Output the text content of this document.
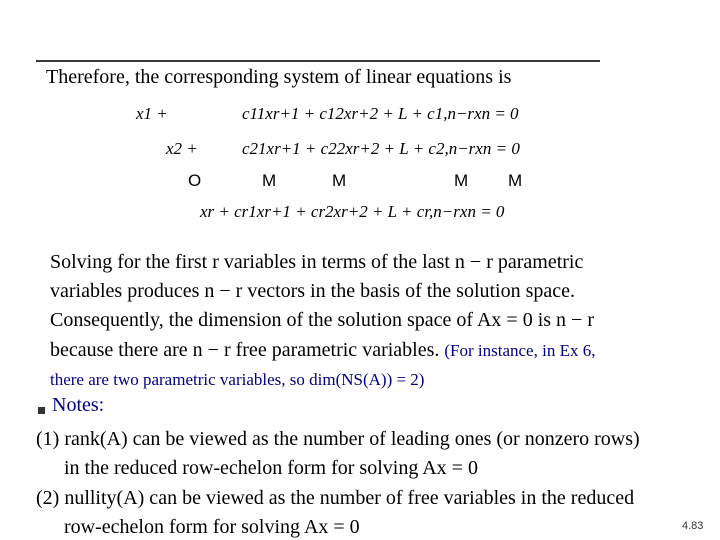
Therefore, the corresponding system of linear equations is
x1 +	c11xr+1 + c12xr+2 + L + c1,n−rxn = 0
x2 +	c21xr+1 + c22xr+2 + L + c2,n−rxn = 0
O	M	M	M M
xr + cr1xr+1 + cr2xr+2 + L + cr,n−rxn = 0
Solving for the first r variables in terms of the last n − r parametric
variables produces n − r vectors in the basis of the solution space.
Consequently, the dimension of the solution space of Ax = 0 is n − r
because there are n − r free parametric variables. (For instance, in Ex 6,
there are two parametric variables, so dim(NS(A)) = 2)
Notes:
(1) rank(A) can be viewed as the number of leading ones (or nonzero rows)
in the reduced row-echelon form for solving Ax = 0
(2) nullity(A) can be viewed as the number of free variables in the reduced
row-echelon form for solving Ax = 0	4.83
